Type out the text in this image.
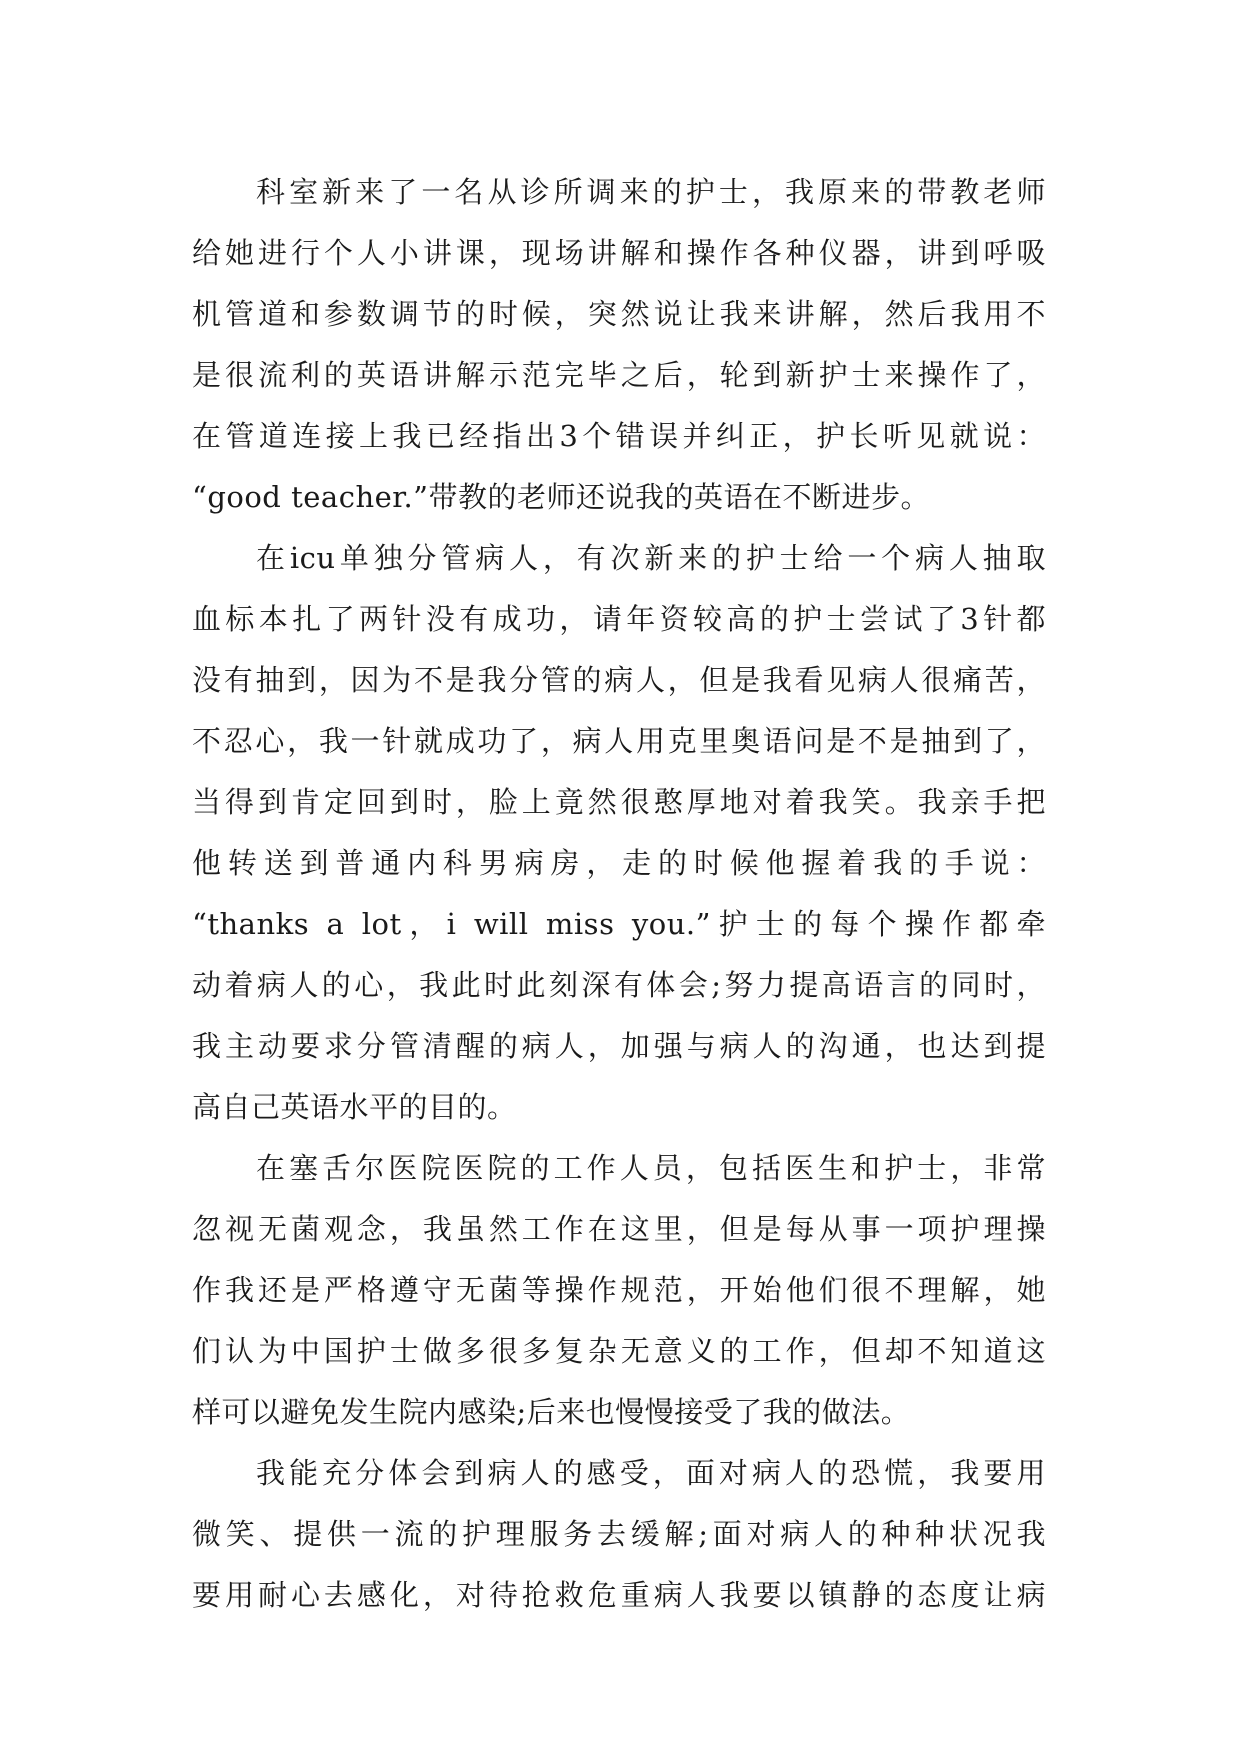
科室新来了一名从诊所调来的护士，我原来的带教老师
给她进行个人小讲课，现场讲解和操作各种仪器，讲到呼吸
机管道和参数调节的时候，突然说让我来讲解，然后我用不
是很流利的英语讲解示范完毕之后，轮到新护士来操作了，
在管道连接上我已经指出3个错误并纠正，护长听见就说：
“good teacher.”带教的老师还说我的英语在不断进步。
在icu单独分管病人，有次新来的护士给一个病人抽取
血标本扎了两针没有成功，请年资较高的护士尝试了3针都
没有抽到，因为不是我分管的病人，但是我看见病人很痛苦，
不忍心，我一针就成功了，病人用克里奥语问是不是抽到了，
当得到肯定回到时，脸上竟然很憨厚地对着我笑。我亲手把
他转送到普通内科男病房，走的时候他握着我的手说：
“thanks a lot，i will miss you.”护士的每个操作都牵
动着病人的心，我此时此刻深有体会;努力提高语言的同时，
我主动要求分管清醒的病人，加强与病人的沟通，也达到提
高自己英语水平的目的。
在塞舌尔医院医院的工作人员，包括医生和护士，非常
忽视无菌观念，我虽然工作在这里，但是每从事一项护理操
作我还是严格遵守无菌等操作规范，开始他们很不理解，她
们认为中国护士做多很多复杂无意义的工作，但却不知道这
样可以避免发生院内感染;后来也慢慢接受了我的做法。
我能充分体会到病人的感受，面对病人的恐慌，我要用
微笑、提供一流的护理服务去缓解;面对病人的种种状况我
要用耐心去感化，对待抢救危重病人我要以镇静的态度让病
